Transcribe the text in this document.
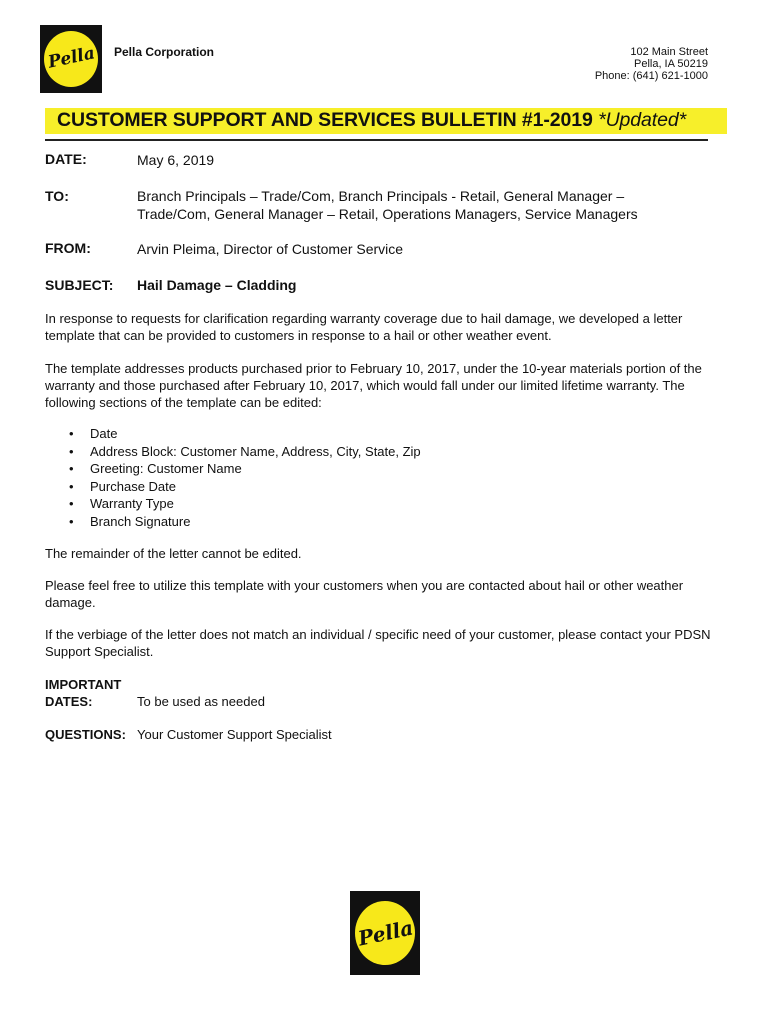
Pella Pella Corporation	102 Main Street
Pella, IA 50219
Phone: (641) 621-1000
CUSTOMER SUPPORT AND SERVICES BULLETIN #1-2019 *Updated*
DATE:	May 6, 2019
TO:	Branch Principals – Trade/Com, Branch Principals - Retail, General Manager –
Trade/Com, General Manager – Retail, Operations Managers, Service Managers
FROM:	Arvin Pleima, Director of Customer Service
SUBJECT: Hail Damage – Cladding
In response to requests for clarification regarding warranty coverage due to hail damage, we developed a letter template that can be provided to customers in response to a hail or other weather event.
The template addresses products purchased prior to February 10, 2017, under the 10-year materials portion of the warranty and those purchased after February 10, 2017, which would fall under our limited lifetime warranty. The following sections of the template can be edited:
• Date
• Address Block: Customer Name, Address, City, State, Zip
• Greeting: Customer Name
• Purchase Date
• Warranty Type
• Branch Signature
The remainder of the letter cannot be edited.
Please feel free to utilize this template with your customers when you are contacted about hail or other weather damage.
If the verbiage of the letter does not match an individual / specific need of your customer, please contact your PDSN Support Specialist.
IMPORTANT
DATES:	To be used as needed
QUESTIONS: Your Customer Support Specialist
Pella
